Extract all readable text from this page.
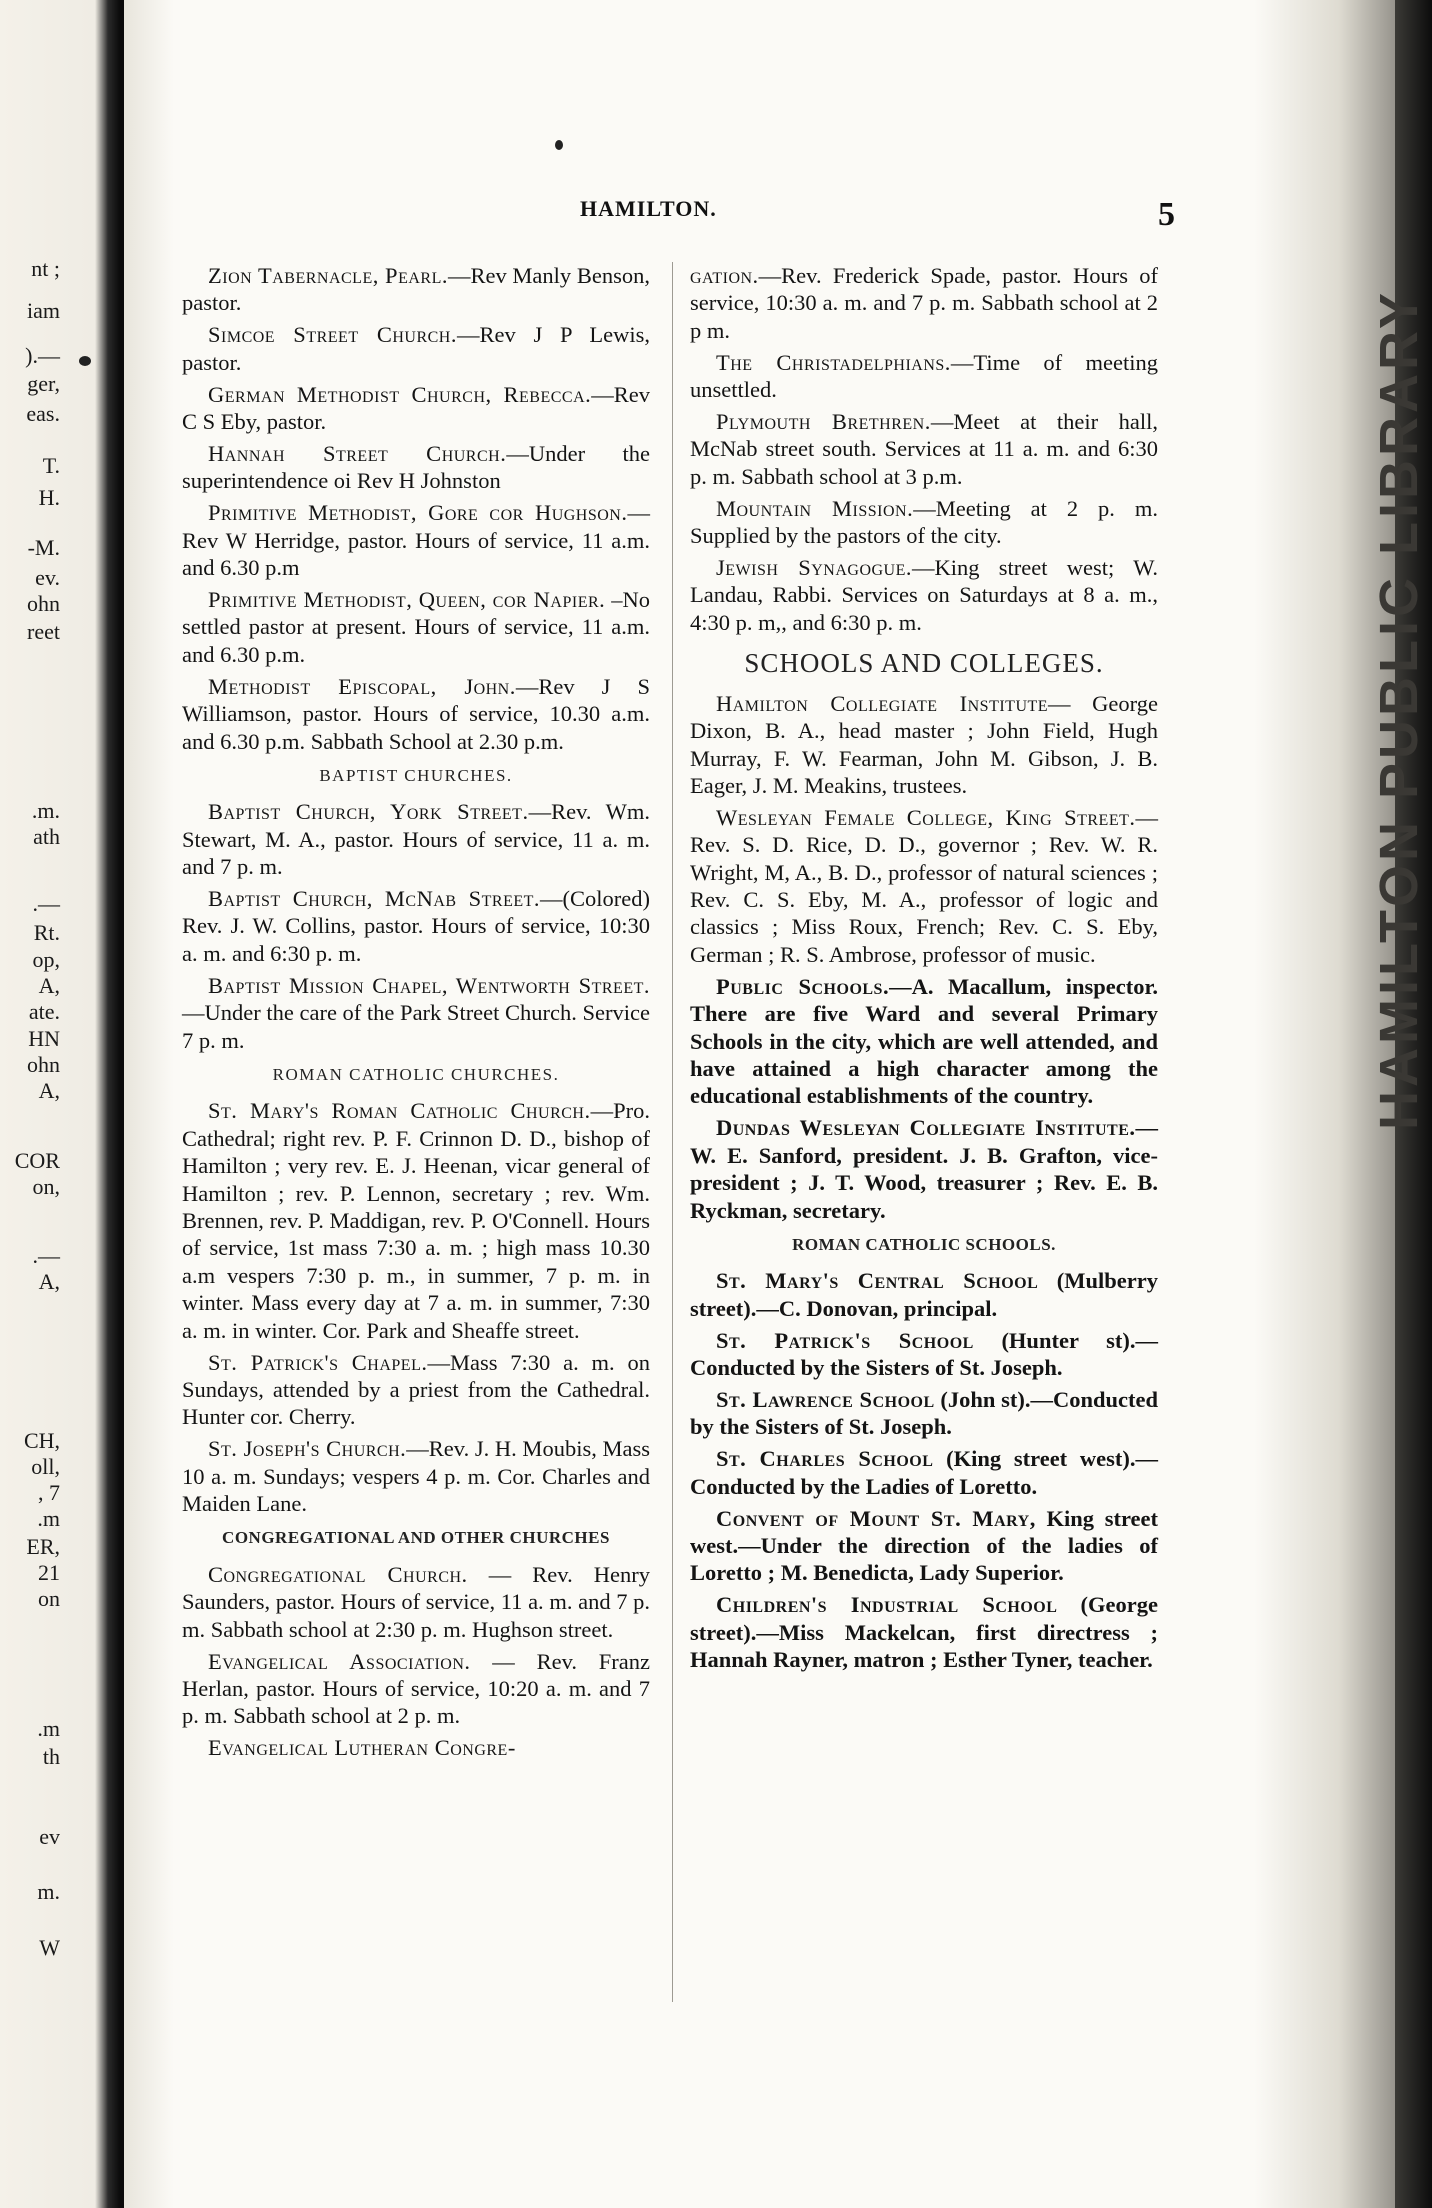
nt ;
iam
).—
ger,
eas.
T.
H.
-M.
ev.
ohn
reet
.m.
ath
.—
Rt.
op,
A,
ate.
HN
ohn
A,
COR
on,
.—
A,
CH,
oll,
, 7
.m
ER,
21
on
.m
th
ev
m.
W
HAMILTON.	5

Zion Tabernacle, Pearl.—Rev Manly Benson, pastor.

Simcoe Street Church.—Rev J P Lewis, pastor.

German Methodist Church, Rebecca.—Rev C S Eby, pastor.

Hannah Street Church.—Under the superintendence oi Rev H Johnston

Primitive Methodist, Gore cor Hughson.—Rev W Herridge, pastor. Hours of service, 11 a.m. and 6.30 p.m

Primitive Methodist, Queen, cor Napier. –No settled pastor at present. Hours of service, 11 a.m. and 6.30 p.m.

Methodist Episcopal, John.—Rev J S Williamson, pastor. Hours of service, 10.30 a.m. and 6.30 p.m. Sabbath School at 2.30 p.m.

BAPTIST CHURCHES.

Baptist Church, York Street.—Rev. Wm. Stewart, M. A., pastor. Hours of service, 11 a. m. and 7 p. m.

Baptist Church, McNab Street.—(Colored) Rev. J. W. Collins, pastor. Hours of service, 10:30 a. m. and 6:30 p. m.

Baptist Mission Chapel, Wentworth Street.—Under the care of the Park Street Church. Service 7 p. m.

ROMAN CATHOLIC CHURCHES.

St. Mary's Roman Catholic Church.—Pro. Cathedral; right rev. P. F. Crinnon D. D., bishop of Hamilton ; very rev. E. J. Heenan, vicar general of Hamilton ; rev. P. Lennon, secretary ; rev. Wm. Brennen, rev. P. Maddigan, rev. P. O'Connell. Hours of service, 1st mass 7:30 a. m. ; high mass 10.30 a.m vespers 7:30 p. m., in summer, 7 p. m. in winter. Mass every day at 7 a. m. in summer, 7:30 a. m. in winter. Cor. Park and Sheaffe street.

St. Patrick's Chapel.—Mass 7:30 a. m. on Sundays, attended by a priest from the Cathedral. Hunter cor. Cherry.

St. Joseph's Church.—Rev. J. H. Moubis, Mass 10 a. m. Sundays; vespers 4 p. m. Cor. Charles and Maiden Lane.

CONGREGATIONAL AND OTHER CHURCHES

Congregational Church. — Rev. Henry Saunders, pastor. Hours of service, 11 a. m. and 7 p. m. Sabbath school at 2:30 p. m. Hughson street.

Evangelical Association. — Rev. Franz Herlan, pastor. Hours of service, 10:20 a. m. and 7 p. m. Sabbath school at 2 p. m.

Evangelical Lutheran Congre-

gation.—Rev. Frederick Spade, pastor. Hours of service, 10:30 a. m. and 7 p. m. Sabbath school at 2 p m.

The Christadelphians.—Time of meeting unsettled.

Plymouth Brethren.—Meet at their hall, McNab street south. Services at 11 a. m. and 6:30 p. m. Sabbath school at 3 p.m.

Mountain Mission.—Meeting at 2 p. m. Supplied by the pastors of the city.

Jewish Synagogue.—King street west; W. Landau, Rabbi. Services on Saturdays at 8 a. m., 4:30 p. m,, and 6:30 p. m.

SCHOOLS AND COLLEGES.

Hamilton Collegiate Institute— George Dixon, B. A., head master ; John Field, Hugh Murray, F. W. Fearman, John M. Gibson, J. B. Eager, J. M. Meakins, trustees.

Wesleyan Female College, King Street.—Rev. S. D. Rice, D. D., governor ; Rev. W. R. Wright, M, A., B. D., professor of natural sciences ; Rev. C. S. Eby, M. A., professor of logic and classics ; Miss Roux, French; Rev. C. S. Eby, German ; R. S. Ambrose, professor of music.

Public Schools.—A. Macallum, inspector. There are five Ward and several Primary Schools in the city, which are well attended, and have attained a high character among the educational establishments of the country.

Dundas Wesleyan Collegiate Institute.—W. E. Sanford, president. J. B. Grafton, vice-president ; J. T. Wood, treasurer ; Rev. E. B. Ryckman, secretary.

ROMAN CATHOLIC SCHOOLS.

St. Mary's Central School (Mulberry street).—C. Donovan, principal.

St. Patrick's School (Hunter st).—Conducted by the Sisters of St. Joseph.

St. Lawrence School (John st).—Conducted by the Sisters of St. Joseph.

St. Charles School (King street west).—Conducted by the Ladies of Loretto.

Convent of Mount St. Mary, King street west.—Under the direction of the ladies of Loretto ; M. Benedicta, Lady Superior.

Children's Industrial School (George street).—Miss Mackelcan, first directress ; Hannah Rayner, matron ; Esther Tyner, teacher.

HAMILTON PUBLIC LIBRARY
